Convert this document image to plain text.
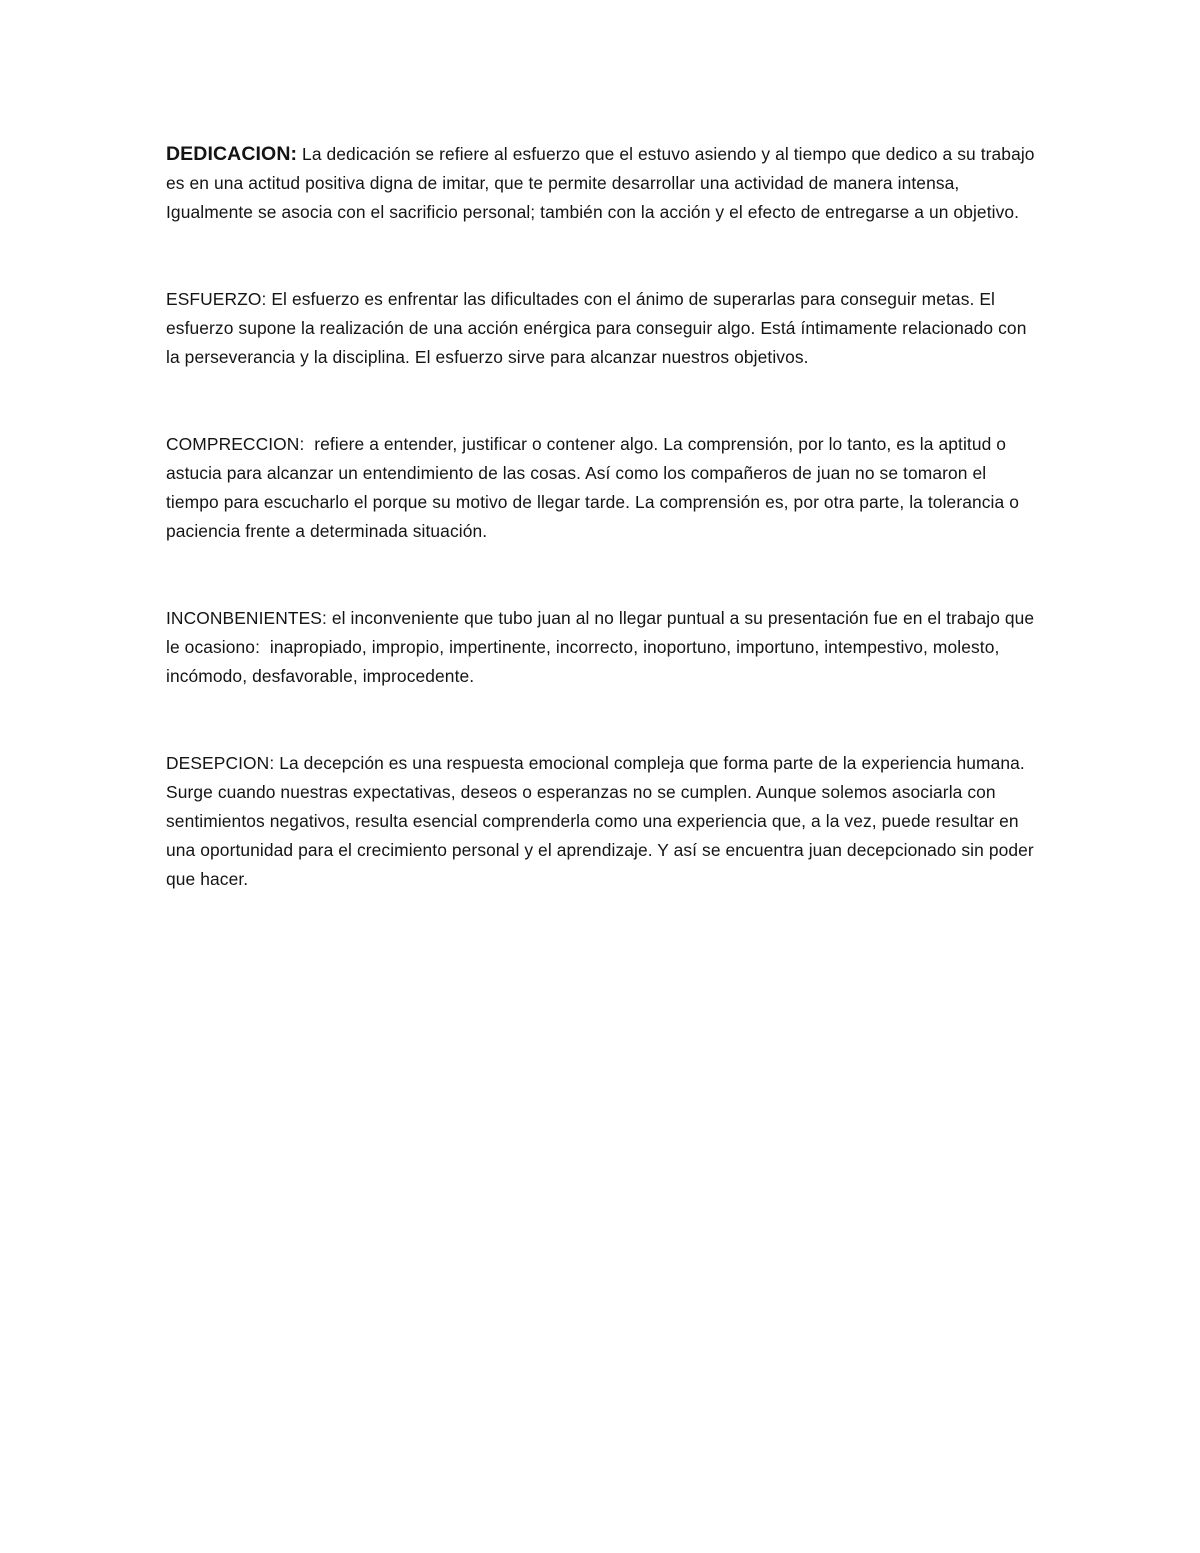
DEDICACION: La dedicación se refiere al esfuerzo que el estuvo asiendo y al tiempo que dedico a su trabajo es en una actitud positiva digna de imitar, que te permite desarrollar una actividad de manera intensa, Igualmente se asocia con el sacrificio personal; también con la acción y el efecto de entregarse a un objetivo.

ESFUERZO: El esfuerzo es enfrentar las dificultades con el ánimo de superarlas para conseguir metas. El esfuerzo supone la realización de una acción enérgica para conseguir algo. Está íntimamente relacionado con la perseverancia y la disciplina. El esfuerzo sirve para alcanzar nuestros objetivos.

COMPRECCION:  refiere a entender, justificar o contener algo. La comprensión, por lo tanto, es la aptitud o astucia para alcanzar un entendimiento de las cosas. Así como los compañeros de juan no se tomaron el tiempo para escucharlo el porque su motivo de llegar tarde. La comprensión es, por otra parte, la tolerancia o paciencia frente a determinada situación.

INCONBENIENTES: el inconveniente que tubo juan al no llegar puntual a su presentación fue en el trabajo que le ocasiono:  inapropiado, impropio, impertinente, incorrecto, inoportuno, importuno, intempestivo, molesto, incómodo, desfavorable, improcedente.

DESEPCION: La decepción es una respuesta emocional compleja que forma parte de la experiencia humana. Surge cuando nuestras expectativas, deseos o esperanzas no se cumplen. Aunque solemos asociarla con sentimientos negativos, resulta esencial comprenderla como una experiencia que, a la vez, puede resultar en una oportunidad para el crecimiento personal y el aprendizaje. Y así se encuentra juan decepcionado sin poder que hacer.
